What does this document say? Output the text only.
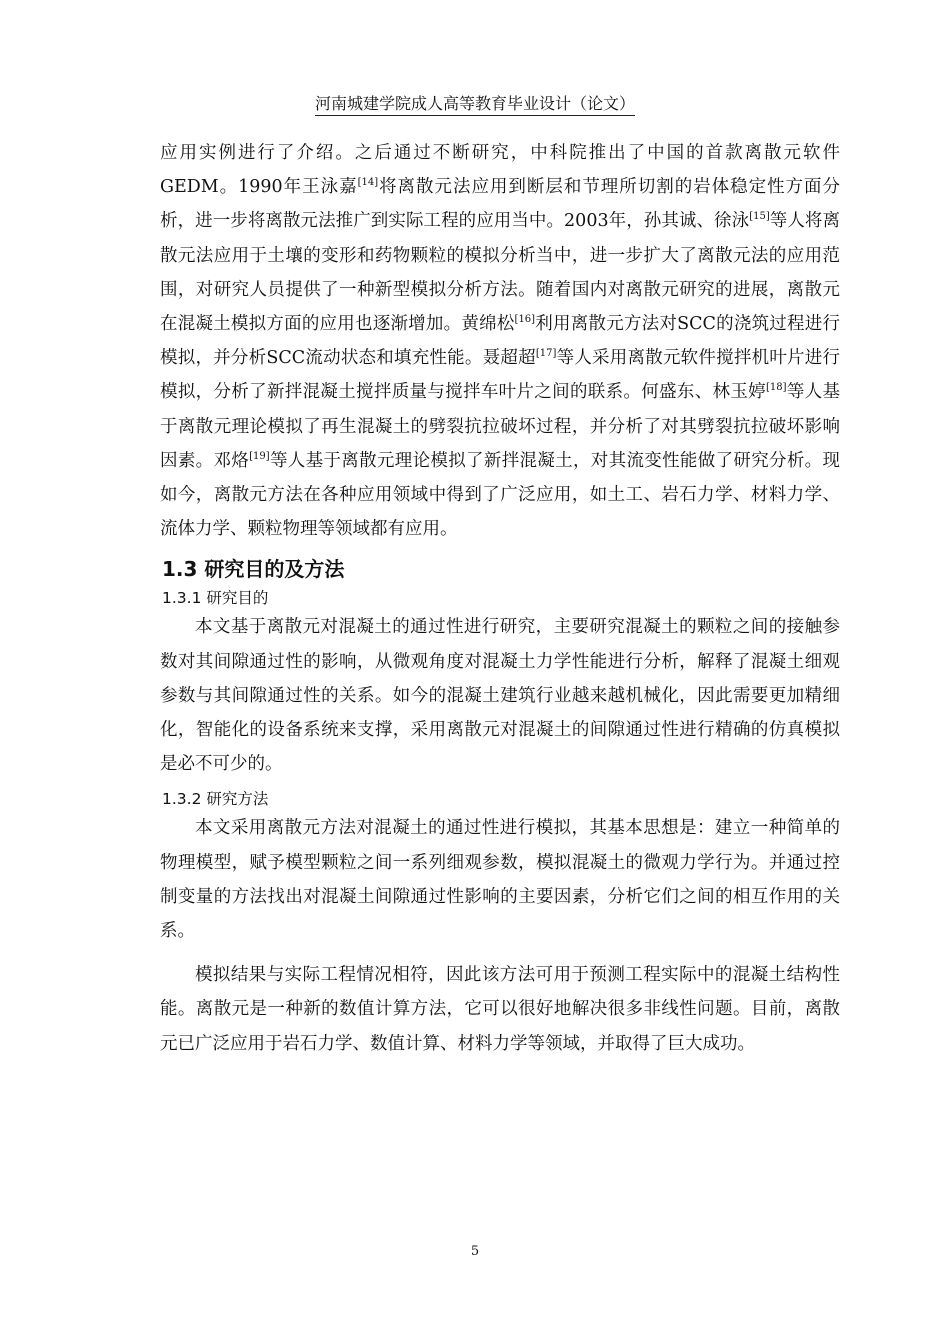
河南城建学院成人高等教育毕业设计（论文）

应用实例进行了介绍。之后通过不断研究，中科院推出了中国的首款离散元软件GEDM。1990年王泳嘉[14]将离散元法应用到断层和节理所切割的岩体稳定性方面分析，进一步将离散元法推广到实际工程的应用当中。2003年，孙其诚、徐泳[15]等人将离散元法应用于土壤的变形和药物颗粒的模拟分析当中，进一步扩大了离散元法的应用范围，对研究人员提供了一种新型模拟分析方法。随着国内对离散元研究的进展，离散元在混凝土模拟方面的应用也逐渐增加。黄绵松[16]利用离散元方法对SCC的浇筑过程进行模拟，并分析SCC流动状态和填充性能。聂超超[17]等人采用离散元软件搅拌机叶片进行模拟，分析了新拌混凝土搅拌质量与搅拌车叶片之间的联系。何盛东、林玉婷[18]等人基于离散元理论模拟了再生混凝土的劈裂抗拉破坏过程，并分析了对其劈裂抗拉破坏影响因素。邓烙[19]等人基于离散元理论模拟了新拌混凝土，对其流变性能做了研究分析。现如今，离散元方法在各种应用领域中得到了广泛应用，如土工、岩石力学、材料力学、流体力学、颗粒物理等领域都有应用。

1.3 研究目的及方法
1.3.1 研究目的

本文基于离散元对混凝土的通过性进行研究，主要研究混凝土的颗粒之间的接触参数对其间隙通过性的影响，从微观角度对混凝土力学性能进行分析，解释了混凝土细观参数与其间隙通过性的关系。如今的混凝土建筑行业越来越机械化，因此需要更加精细化，智能化的设备系统来支撑，采用离散元对混凝土的间隙通过性进行精确的仿真模拟是必不可少的。

1.3.2 研究方法

本文采用离散元方法对混凝土的通过性进行模拟，其基本思想是：建立一种简单的物理模型，赋予模型颗粒之间一系列细观参数，模拟混凝土的微观力学行为。并通过控制变量的方法找出对混凝土间隙通过性影响的主要因素，分析它们之间的相互作用的关系。

模拟结果与实际工程情况相符，因此该方法可用于预测工程实际中的混凝土结构性能。离散元是一种新的数值计算方法，它可以很好地解决很多非线性问题。目前，离散元已广泛应用于岩石力学、数值计算、材料力学等领域，并取得了巨大成功。

5
